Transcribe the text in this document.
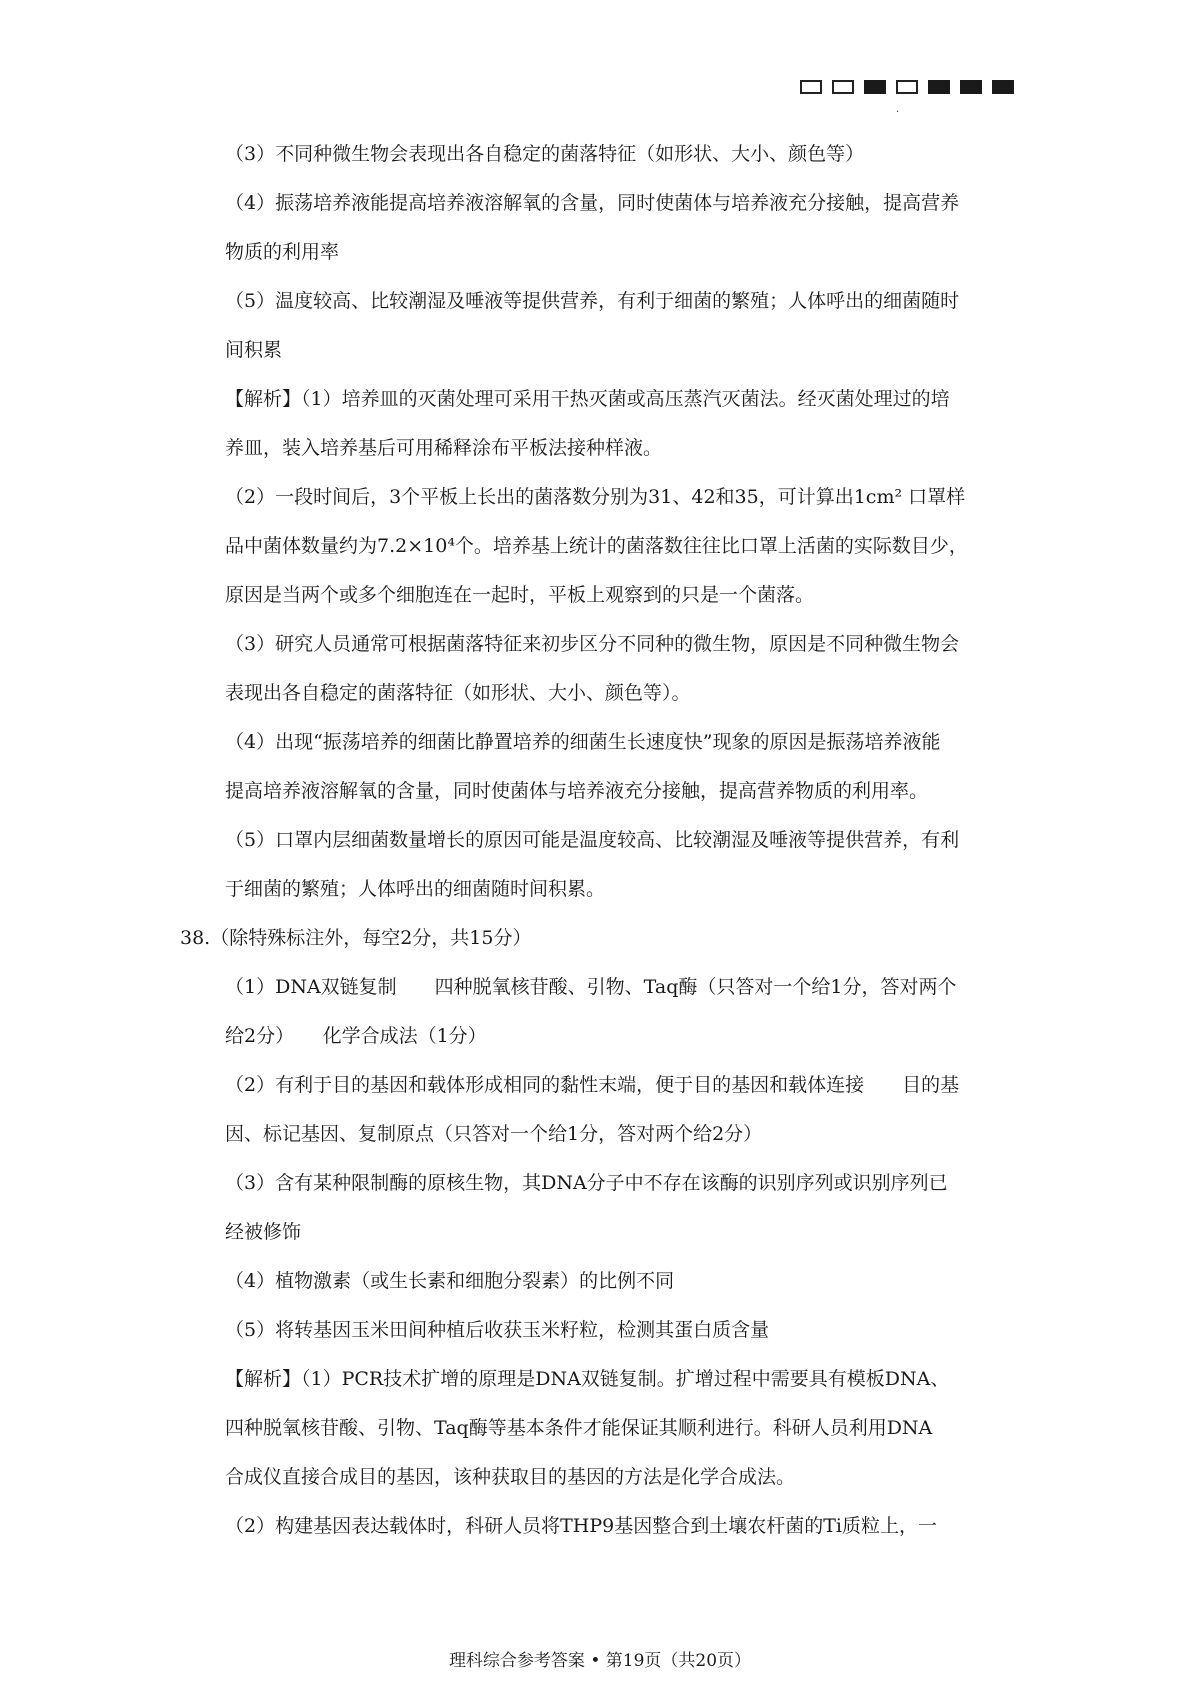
.
（3）不同种微生物会表现出各自稳定的菌落特征（如形状、大小、颜色等）
（4）振荡培养液能提高培养液溶解氧的含量，同时使菌体与培养液充分接触，提高营养
物质的利用率
（5）温度较高、比较潮湿及唾液等提供营养，有利于细菌的繁殖；人体呼出的细菌随时
间积累
【解析】（1）培养皿的灭菌处理可采用干热灭菌或高压蒸汽灭菌法。经灭菌处理过的培
养皿，装入培养基后可用稀释涂布平板法接种样液。
（2）一段时间后，3个平板上长出的菌落数分别为31、42和35，可计算出1cm² 口罩样
品中菌体数量约为7.2×10⁴个。培养基上统计的菌落数往往比口罩上活菌的实际数目少，
原因是当两个或多个细胞连在一起时，平板上观察到的只是一个菌落。
（3）研究人员通常可根据菌落特征来初步区分不同种的微生物，原因是不同种微生物会
表现出各自稳定的菌落特征（如形状、大小、颜色等）。
（4）出现“振荡培养的细菌比静置培养的细菌生长速度快”现象的原因是振荡培养液能
提高培养液溶解氧的含量，同时使菌体与培养液充分接触，提高营养物质的利用率。
（5）口罩内层细菌数量增长的原因可能是温度较高、比较潮湿及唾液等提供营养，有利
于细菌的繁殖；人体呼出的细菌随时间积累。
38.（除特殊标注外，每空2分，共15分）
（1）DNA双链复制　　四种脱氧核苷酸、引物、Taq酶（只答对一个给1分，答对两个
给2分）　　化学合成法（1分）
（2）有利于目的基因和载体形成相同的黏性末端，便于目的基因和载体连接　　目的基
因、标记基因、复制原点（只答对一个给1分，答对两个给2分）
（3）含有某种限制酶的原核生物，其DNA分子中不存在该酶的识别序列或识别序列已
经被修饰
（4）植物激素（或生长素和细胞分裂素）的比例不同
（5）将转基因玉米田间种植后收获玉米籽粒，检测其蛋白质含量
【解析】（1）PCR技术扩增的原理是DNA双链复制。扩增过程中需要具有模板DNA、
四种脱氧核苷酸、引物、Taq酶等基本条件才能保证其顺利进行。科研人员利用DNA
合成仪直接合成目的基因，该种获取目的基因的方法是化学合成法。
（2）构建基因表达载体时，科研人员将THP9基因整合到土壤农杆菌的Ti质粒上，一
理科综合参考答案 • 第19页（共20页）
